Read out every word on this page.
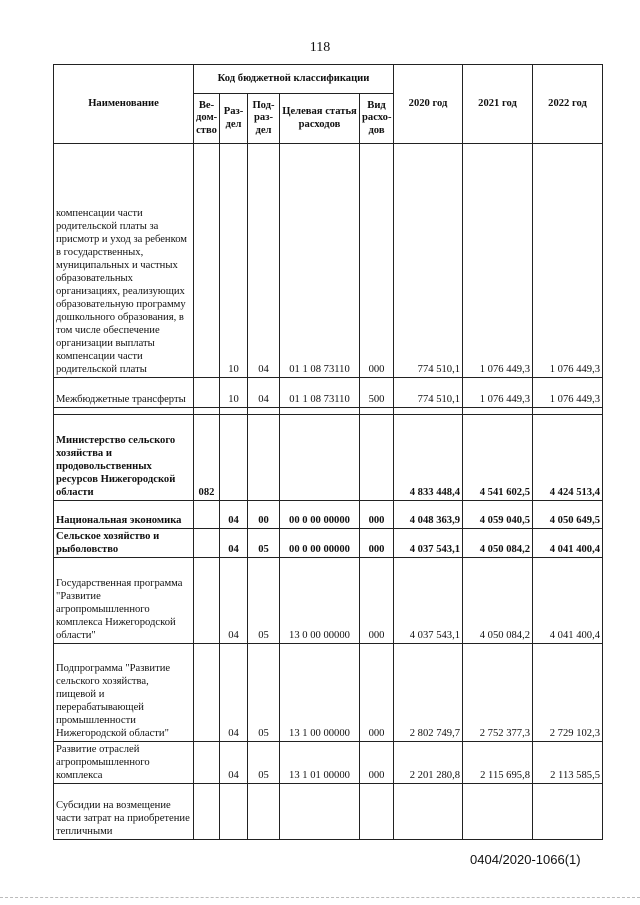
118
Наименование	Код бюджетной классификации					2020 год	2021 год	2022 год
	Ве-дом-ство	Раз-дел	Под-раз-дел	Целевая статья расходов	Вид расхо-дов			
компенсации части родительской платы за присмотр и уход за ребенком в государственных, муниципальных и частных образовательных организациях, реализующих образовательную программу дошкольного образования, в том числе обеспечение организации выплаты компенсации части родительской платы		10	04	01 1 08 73110	000	774 510,1	1 076 449,3	1 076 449,3
Межбюджетные трансферты		10	04	01 1 08 73110	500	774 510,1	1 076 449,3	1 076 449,3

Министерство сельского хозяйства и продовольственных ресурсов Нижегородской области	082					4 833 448,4	4 541 602,5	4 424 513,4
Национальная экономика		04	00	00 0 00 00000	000	4 048 363,9	4 059 040,5	4 050 649,5
Сельское хозяйство и рыболовство		04	05	00 0 00 00000	000	4 037 543,1	4 050 084,2	4 041 400,4
Государственная программа "Развитие агропромышленного комплекса Нижегородской области"		04	05	13 0 00 00000	000	4 037 543,1	4 050 084,2	4 041 400,4
Подпрограмма "Развитие сельского хозяйства, пищевой и перерабатывающей промышленности Нижегородской области"		04	05	13 1 00 00000	000	2 802 749,7	2 752 377,3	2 729 102,3
Развитие отраслей агропромышленного комплекса		04	05	13 1 01 00000	000	2 201 280,8	2 115 695,8	2 113 585,5
Субсидии на возмещение части затрат на приобретение тепличными								
0404/2020-1066(1)
